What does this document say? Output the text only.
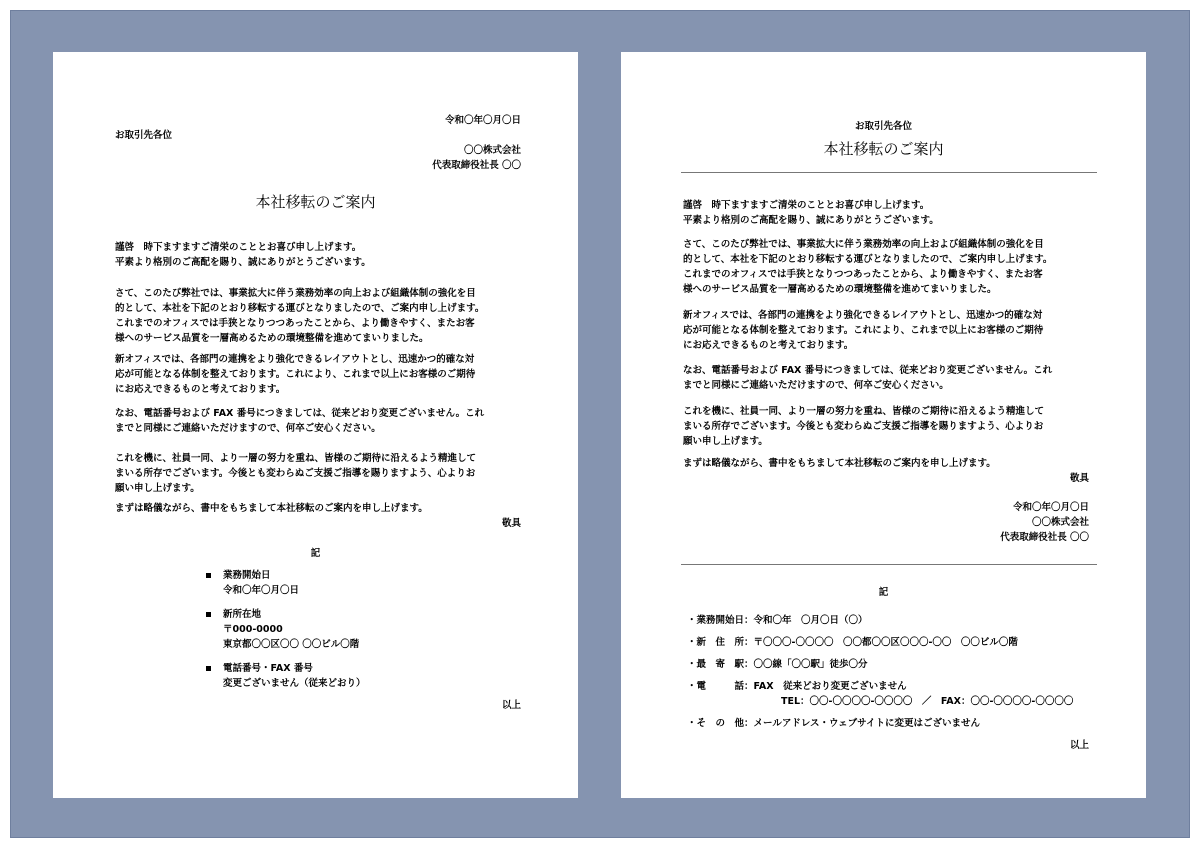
令和〇年〇月〇日
お取引先各位
〇〇株式会社
代表取締役社長 〇〇
本社移転のご案内
謹啓　時下ますますご清栄のこととお喜び申し上げます。
平素より格別のご高配を賜り、誠にありがとうございます。
さて、このたび弊社では、事業拡大に伴う業務効率の向上および組織体制の強化を目
的として、本社を下記のとおり移転する運びとなりましたので、ご案内申し上げます。
これまでのオフィスでは手狭となりつつあったことから、より働きやすく、またお客
様へのサービス品質を一層高めるための環境整備を進めてまいりました。
新オフィスでは、各部門の連携をより強化できるレイアウトとし、迅速かつ的確な対
応が可能となる体制を整えております。これにより、これまで以上にお客様のご期待
にお応えできるものと考えております。
なお、電話番号および FAX 番号につきましては、従来どおり変更ございません。これ
までと同様にご連絡いただけますので、何卒ご安心ください。
これを機に、社員一同、より一層の努力を重ね、皆様のご期待に沿えるよう精進して
まいる所存でございます。今後とも変わらぬご支援ご指導を賜りますよう、心よりお
願い申し上げます。
まずは略儀ながら、書中をもちまして本社移転のご案内を申し上げます。
敬具
記
業務開始日
令和〇年〇月〇日
新所在地
〒000-0000
東京都〇〇区〇〇 〇〇ビル〇階
電話番号・FAX 番号
変更ございません（従来どおり）
以上
お取引先各位
本社移転のご案内
謹啓　時下ますますご清栄のこととお喜び申し上げます。
平素より格別のご高配を賜り、誠にありがとうございます。
さて、このたび弊社では、事業拡大に伴う業務効率の向上および組織体制の強化を目
的として、本社を下記のとおり移転する運びとなりましたので、ご案内申し上げます。
これまでのオフィスでは手狭となりつつあったことから、より働きやすく、またお客
様へのサービス品質を一層高めるための環境整備を進めてまいりました。
新オフィスでは、各部門の連携をより強化できるレイアウトとし、迅速かつ的確な対
応が可能となる体制を整えております。これにより、これまで以上にお客様のご期待
にお応えできるものと考えております。
なお、電話番号および FAX 番号につきましては、従来どおり変更ございません。これ
までと同様にご連絡いただけますので、何卒ご安心ください。
これを機に、社員一同、より一層の努力を重ね、皆様のご期待に沿えるよう精進して
まいる所存でございます。今後とも変わらぬご支援ご指導を賜りますよう、心よりお
願い申し上げます。
まずは略儀ながら、書中をもちまして本社移転のご案内を申し上げます。
敬具
令和〇年〇月〇日
〇〇株式会社
代表取締役社長 〇〇
記
・業務開始日：令和〇年　〇月〇日（〇）
・新　住　所：〒〇〇〇-〇〇〇〇　〇〇都〇〇区〇〇〇-〇〇　〇〇ビル〇階
・最　寄　駅：〇〇線「〇〇駅」徒歩〇分
・電　　　話：FAX　従来どおり変更ございません
TEL：〇〇-〇〇〇〇-〇〇〇〇　／　FAX：〇〇-〇〇〇〇-〇〇〇〇
・そ　の　他：メールアドレス・ウェブサイトに変更はございません
以上
